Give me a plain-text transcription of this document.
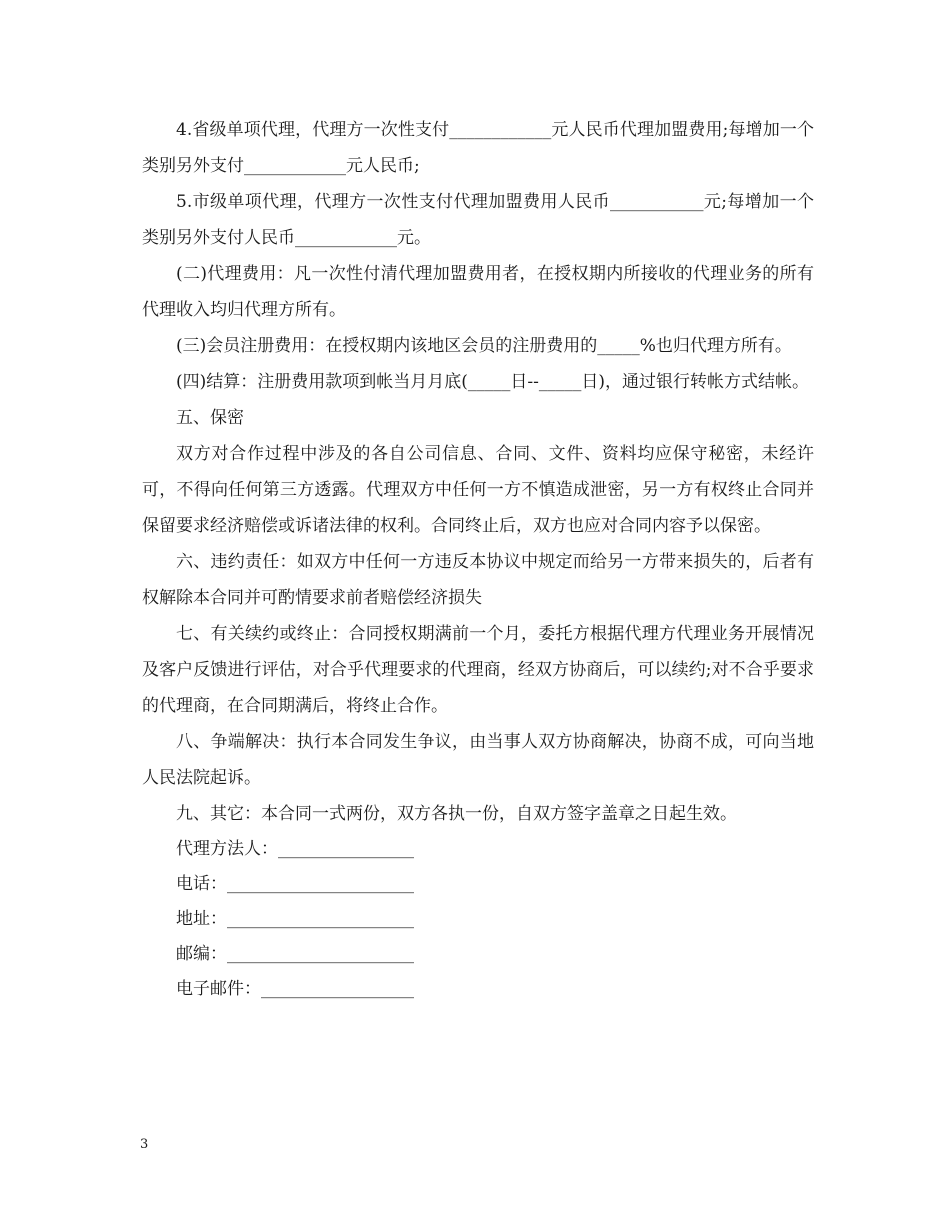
4.省级单项代理，代理方一次性支付____________元人民币代理加盟费用;每增加一个类别另外支付____________元人民币;

5.市级单项代理，代理方一次性支付代理加盟费用人民币___________元;每增加一个类别另外支付人民币____________元。

(二)代理费用：凡一次性付清代理加盟费用者，在授权期内所接收的代理业务的所有代理收入均归代理方所有。

(三)会员注册费用：在授权期内该地区会员的注册费用的_____%也归代理方所有。

(四)结算：注册费用款项到帐当月月底(_____日--_____日)，通过银行转帐方式结帐。

五、保密

双方对合作过程中涉及的各自公司信息、合同、文件、资料均应保守秘密，未经许可，不得向任何第三方透露。代理双方中任何一方不慎造成泄密，另一方有权终止合同并保留要求经济赔偿或诉诸法律的权利。合同终止后，双方也应对合同内容予以保密。

六、违约责任：如双方中任何一方违反本协议中规定而给另一方带来损失的，后者有权解除本合同并可酌情要求前者赔偿经济损失

七、有关续约或终止：合同授权期满前一个月，委托方根据代理方代理业务开展情况及客户反馈进行评估，对合乎代理要求的代理商，经双方协商后，可以续约;对不合乎要求的代理商，在合同期满后，将终止合作。

八、争端解决：执行本合同发生争议，由当事人双方协商解决，协商不成，可向当地人民法院起诉。

九、其它：本合同一式两份，双方各执一份，自双方签字盖章之日起生效。

代理方法人：________________

电话：______________________

地址：______________________

邮编：______________________

电子邮件：__________________

3
